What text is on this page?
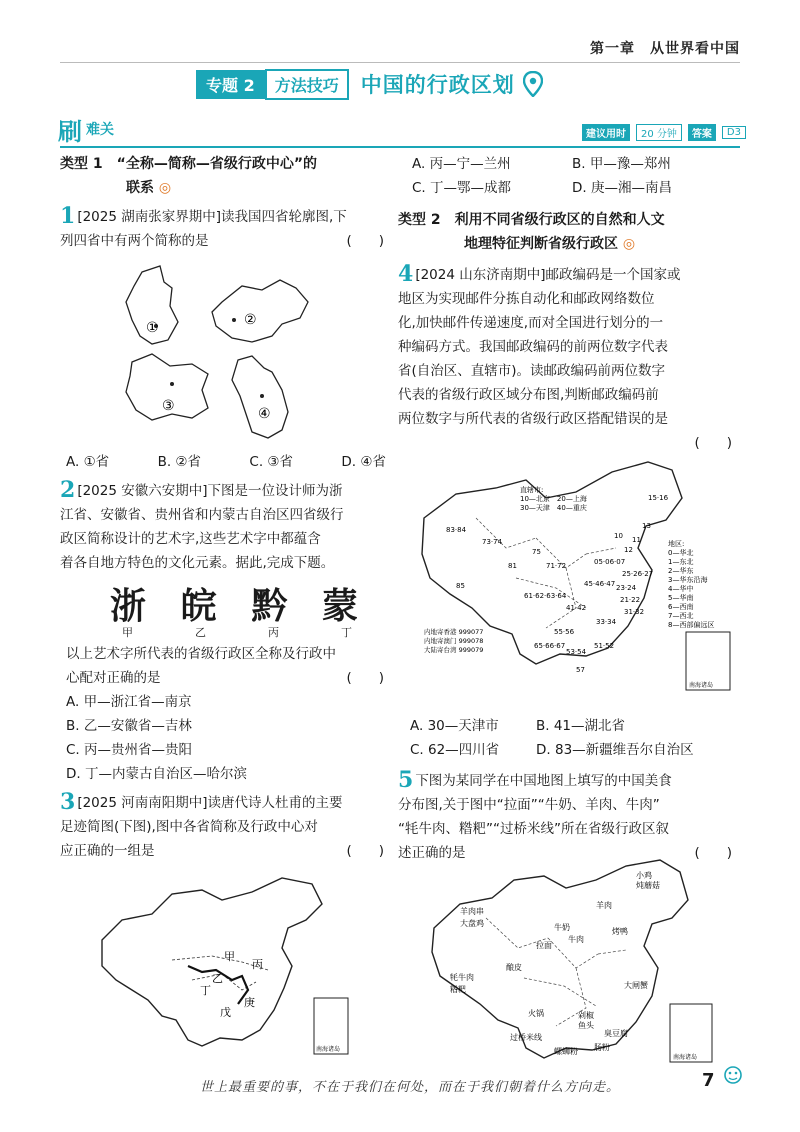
第一章　从世界看中国
专题 2	方法技巧	中国的行政区划
刷 难关	建议用时	20 分钟	答案	D3
类型 1　“全称—简称—省级行政中心”的
联系 ◎
1 [2025 湖南张家界期中]读我国四省轮廓图,下
列四省中有两个简称的是	(　　)
①	②
③	④
A. ①省	B. ②省	C. ③省	D. ④省
2 [2025 安徽六安期中]下图是一位设计师为浙
江省、安徽省、贵州省和内蒙古自治区四省级行
政区简称设计的艺术字,这些艺术字中都蕴含
着各自地方特色的文化元素。据此,完成下题。
浙 皖 黔 蒙
甲	乙	丙	丁
以上艺术字所代表的省级行政区全称及行政中
心配对正确的是	(　　)
A. 甲—浙江省—南京
B. 乙—安徽省—吉林
C. 丙—贵州省—贵阳
D. 丁—内蒙古自治区—哈尔滨
3 [2025 河南南阳期中]读唐代诗人杜甫的主要
足迹简图(下图),图中各省简称及行政中心对
应正确的一组是	(　　)
甲
乙
丙
丁
戊
庚
南海诸岛
A. 丙—宁—兰州	B. 甲—豫—郑州
C. 丁—鄂—成都	D. 庚—湘—南昌
类型 2　利用不同省级行政区的自然和人文
地理特征判断省级行政区 ◎
4 [2024 山东济南期中]邮政编码是一个国家或
地区为实现邮件分拣自动化和邮政网络数位
化,加快邮件传递速度,而对全国进行划分的一
种编码方式。我国邮政编码的前两位数字代表
省(自治区、直辖市)。读邮政编码前两位数字
代表的省级行政区域分布图,判断邮政编码前
两位数字与所代表的省级行政区搭配错误的是
(　　)
直辖市:
10—北京　20—上海
30—天津　40—重庆
83·84
85
73·74
81
75
71·72	05·06·07
45·46·47
61·62·63·64
41·42
55·56
33·34
65·66·67
53·54
51·52
57
15·16
13
11
12
10
25·26·27
23·24
21·22
31·32
地区:
0—华北
1—东北
2—华东
3—华东沿海
4—华中
5—华南
6—西南
7—西北
8—西部偏远区
内地寄香港 999077
内地寄澳门 999078
大陆寄台湾 999079
南海诸岛
A. 30—天津市	B. 41—湖北省
C. 62—四川省	D. 83—新疆维吾尔自治区
5 下图为某同学在中国地图上填写的中国美食
分布图,关于图中“拉面”“牛奶、羊肉、牛肉”
“牦牛肉、糌粑”“过桥米线”所在省级行政区叙
述正确的是	(　　)
羊肉串
大盘鸡
牦牛肉
糌粑
酿皮
拉面
牛奶
羊肉
牛肉
火锅
过桥米线
螺蛳粉
剁椒
鱼头
小鸡
炖蘑菇
烤鸭
大闸蟹
臭豆腐
肠粉
南海诸岛
世上最重要的事，不在于我们在何处，而在于我们朝着什么方向走。	7
